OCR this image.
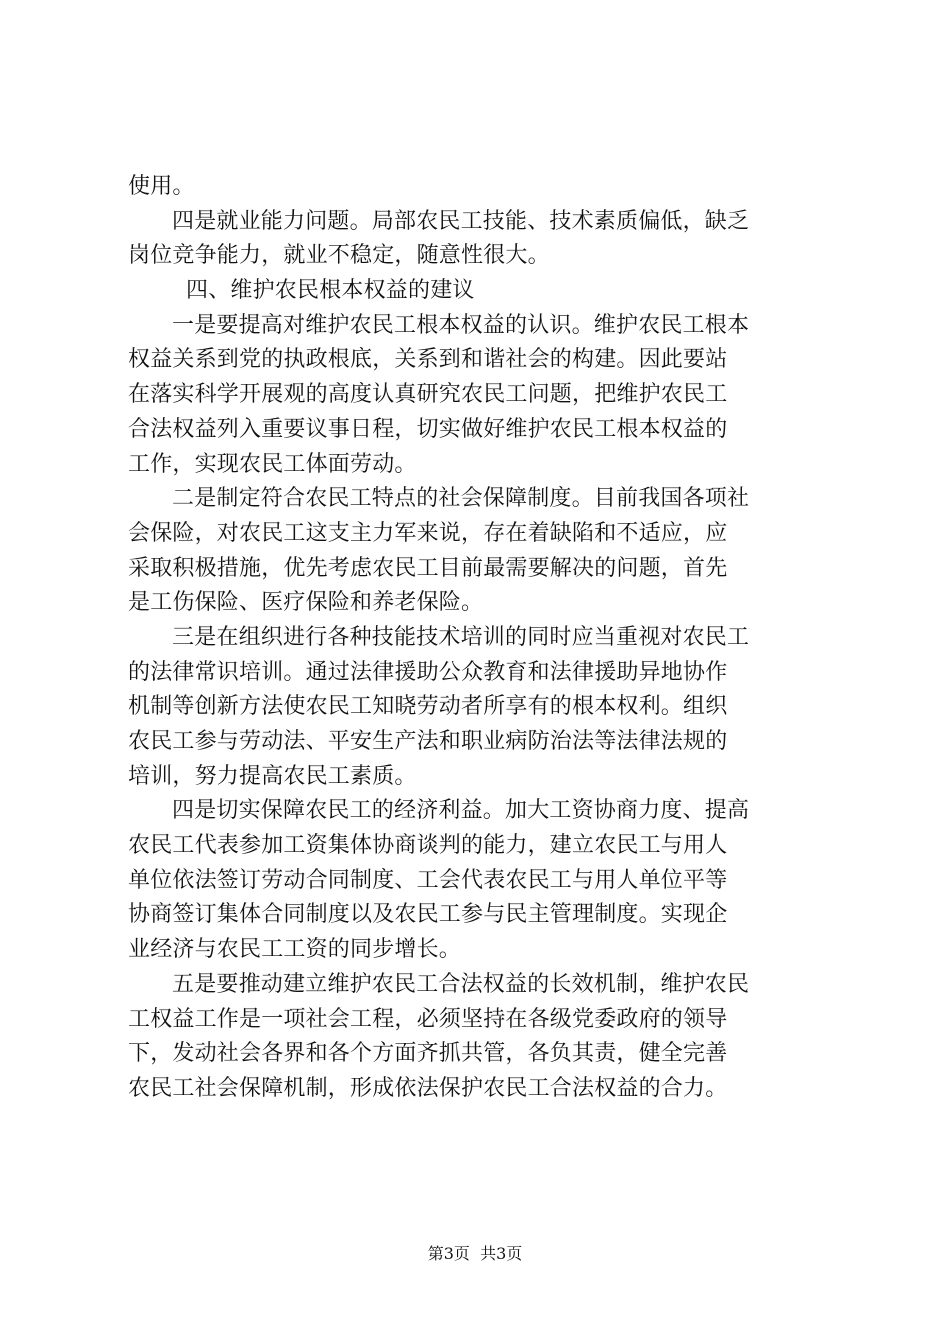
使用。
四是就业能力问题。局部农民工技能、技术素质偏低，缺乏
岗位竞争能力，就业不稳定，随意性很大。
四、维护农民根本权益的建议
一是要提高对维护农民工根本权益的认识。维护农民工根本
权益关系到党的执政根底，关系到和谐社会的构建。因此要站
在落实科学开展观的高度认真研究农民工问题，把维护农民工
合法权益列入重要议事日程，切实做好维护农民工根本权益的
工作，实现农民工体面劳动。
二是制定符合农民工特点的社会保障制度。目前我国各项社
会保险，对农民工这支主力军来说，存在着缺陷和不适应，应
采取积极措施，优先考虑农民工目前最需要解决的问题，首先
是工伤保险、医疗保险和养老保险。
三是在组织进行各种技能技术培训的同时应当重视对农民工
的法律常识培训。通过法律援助公众教育和法律援助异地协作
机制等创新方法使农民工知晓劳动者所享有的根本权利。组织
农民工参与劳动法、平安生产法和职业病防治法等法律法规的
培训，努力提高农民工素质。
四是切实保障农民工的经济利益。加大工资协商力度、提高
农民工代表参加工资集体协商谈判的能力，建立农民工与用人
单位依法签订劳动合同制度、工会代表农民工与用人单位平等
协商签订集体合同制度以及农民工参与民主管理制度。实现企
业经济与农民工工资的同步增长。
五是要推动建立维护农民工合法权益的长效机制，维护农民
工权益工作是一项社会工程，必须坚持在各级党委政府的领导
下，发动社会各界和各个方面齐抓共管，各负其责，健全完善
农民工社会保障机制，形成依法保护农民工合法权益的合力。
第3页  共3页
